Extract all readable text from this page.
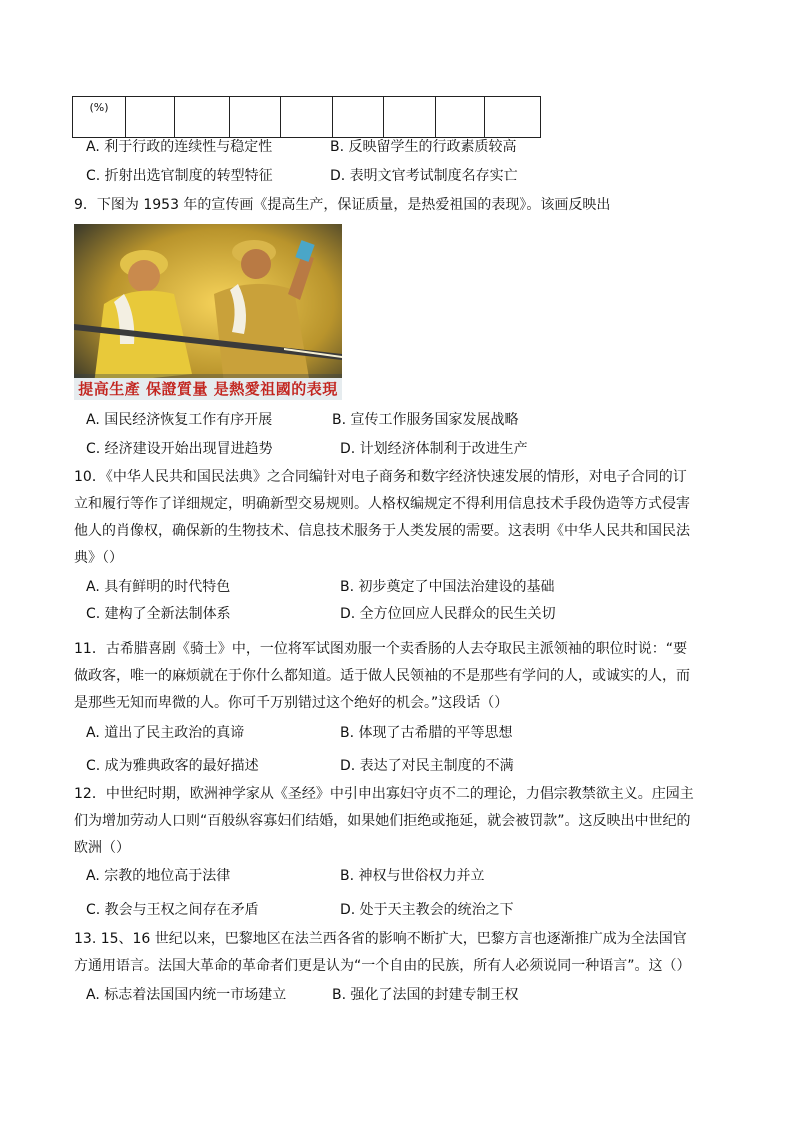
(%)								
A. 利于行政的连续性与稳定性	B. 反映留学生的行政素质较高
C. 折射出选官制度的转型特征	D. 表明文官考试制度名存实亡
9．下图为 1953 年的宣传画《提高生产，保证质量，是热爱祖国的表现》。该画反映出
提高生產 保證質量 是熱愛祖國的表現
A. 国民经济恢复工作有序开展	B. 宣传工作服务国家发展战略
C. 经济建设开始出现冒进趋势	D. 计划经济体制利于改进生产
10．《中华人民共和国民法典》之合同编针对电子商务和数字经济快速发展的情形，对电子合同的订立和履行等作了详细规定，明确新型交易规则。人格权编规定不得利用信息技术手段伪造等方式侵害他人的肖像权，确保新的生物技术、信息技术服务于人类发展的需要。这表明《中华人民共和国民法典》（）
A. 具有鲜明的时代特色	B. 初步奠定了中国法治建设的基础
C. 建构了全新法制体系	D. 全方位回应人民群众的民生关切
11．古希腊喜剧《骑士》中，一位将军试图劝服一个卖香肠的人去夺取民主派领袖的职位时说：“要做政客，唯一的麻烦就在于你什么都知道。适于做人民领袖的不是那些有学问的人，或诚实的人，而是那些无知而卑微的人。你可千万别错过这个绝好的机会。”这段话（）
A. 道出了民主政治的真谛	B. 体现了古希腊的平等思想
C. 成为雅典政客的最好描述	D. 表达了对民主制度的不满
12．中世纪时期，欧洲神学家从《圣经》中引申出寡妇守贞不二的理论，力倡宗教禁欲主义。庄园主们为增加劳动人口则“百般纵容寡妇们结婚，如果她们拒绝或拖延，就会被罚款”。这反映出中世纪的欧洲（）
A. 宗教的地位高于法律	B. 神权与世俗权力并立
C. 教会与王权之间存在矛盾	D. 处于天主教会的统治之下
13. 15、16 世纪以来，巴黎地区在法兰西各省的影响不断扩大，巴黎方言也逐渐推广成为全法国官方通用语言。法国大革命的革命者们更是认为“一个自由的民族，所有人必须说同一种语言”。这（）
A. 标志着法国国内统一市场建立	B. 强化了法国的封建专制王权
